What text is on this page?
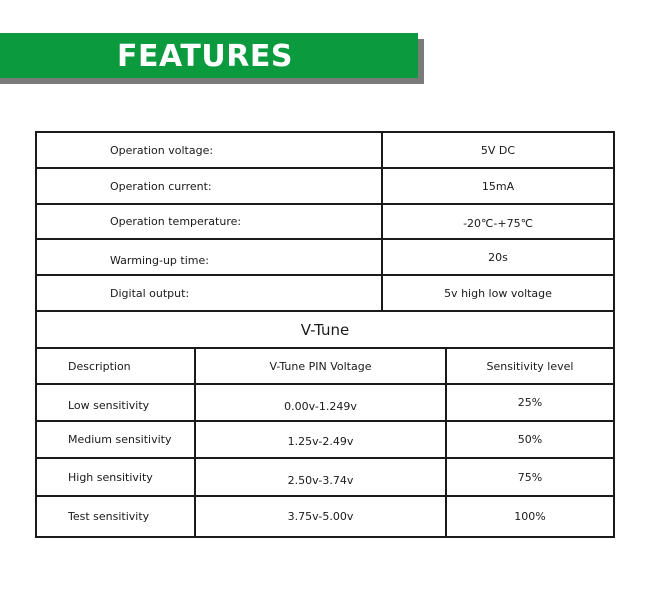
FEATURES
Operation voltage:	5V DC
Operation current:	15mA
Operation temperature:	-20℃-+75℃
Warming-up time:	20s
Digital output:	5v high low voltage
V-Tune
Description	V-Tune PIN Voltage	Sensitivity level
Low sensitivity	0.00v-1.249v	25%
Medium sensitivity	1.25v-2.49v	50%
High sensitivity	2.50v-3.74v	75%
Test sensitivity	3.75v-5.00v	100%
